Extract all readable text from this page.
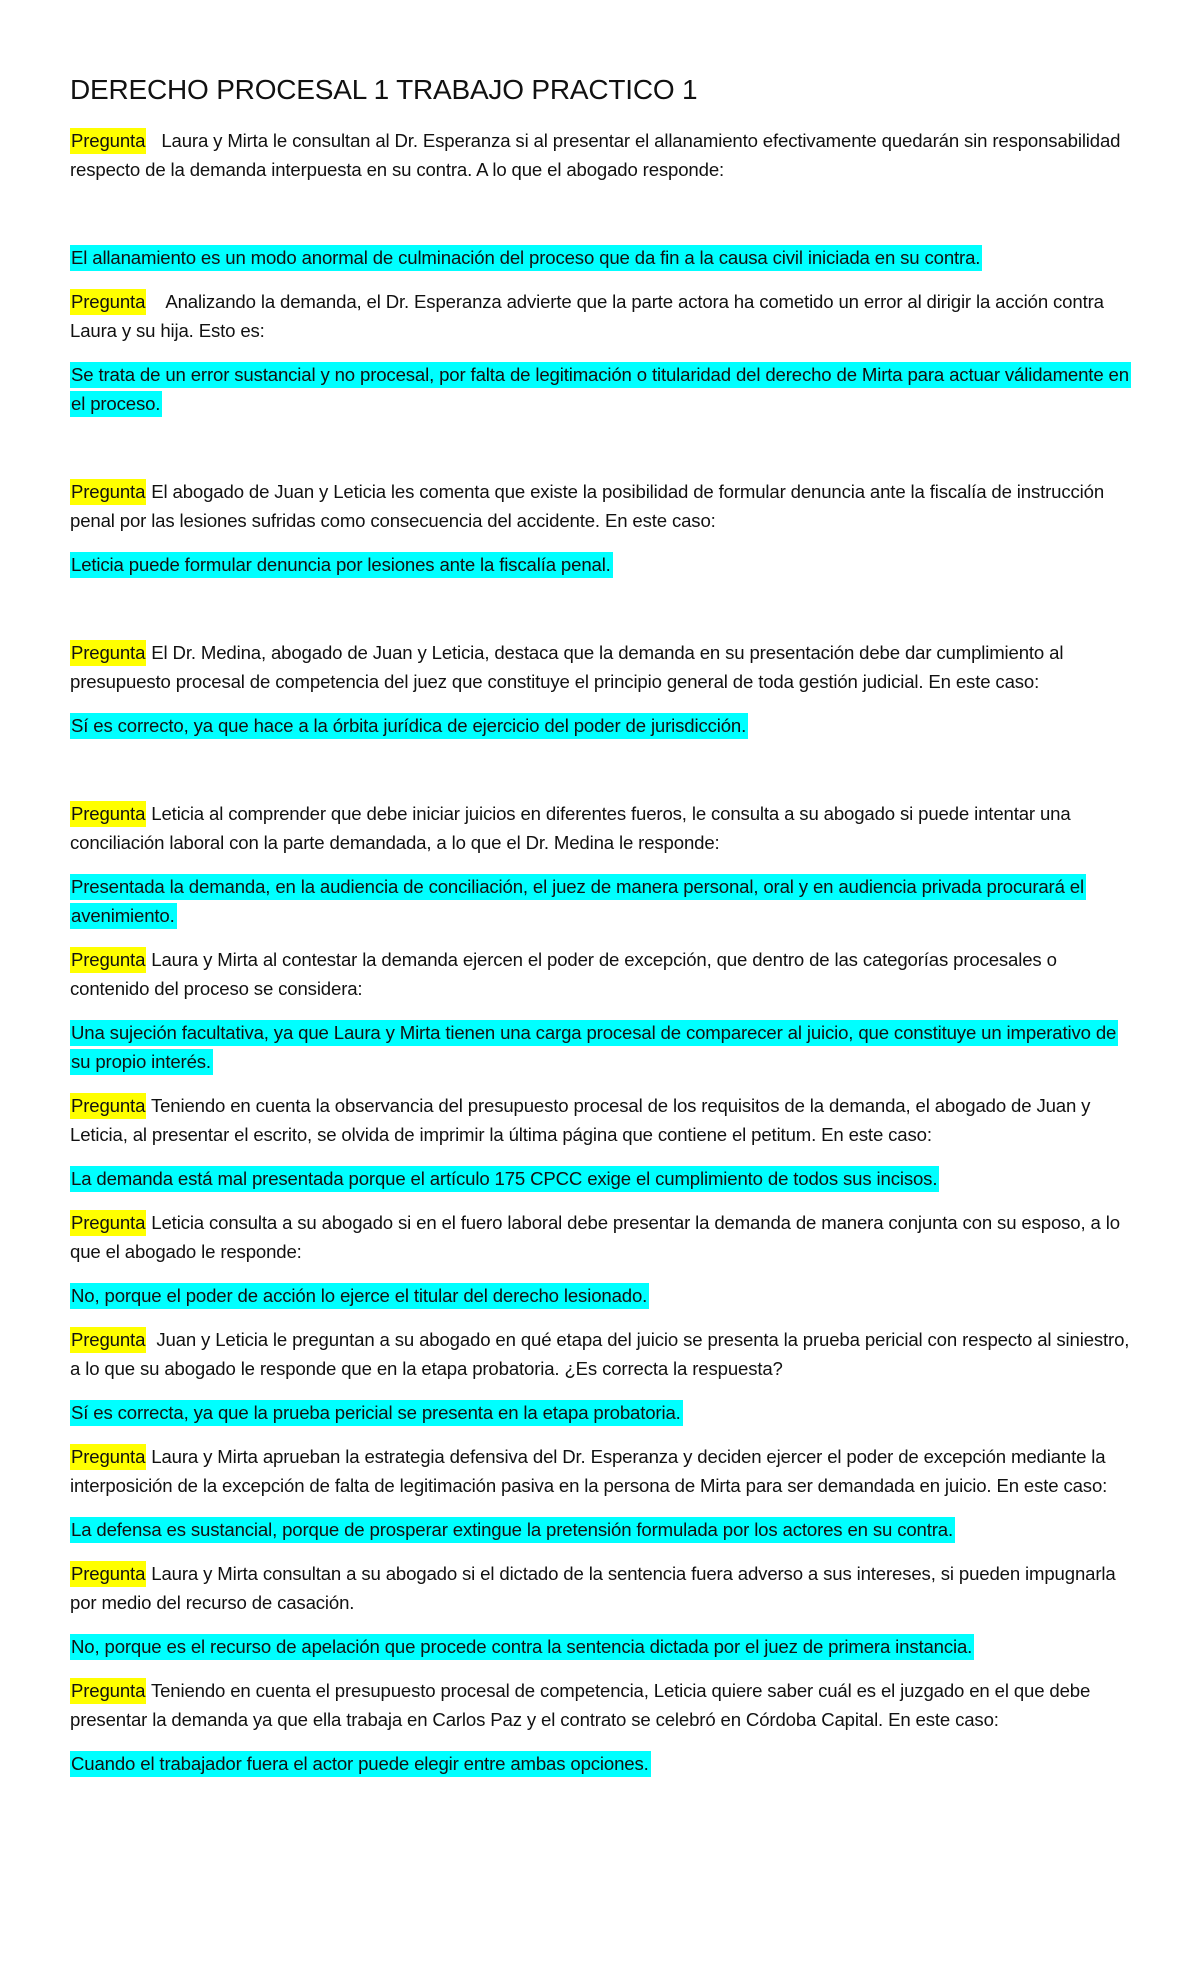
DERECHO PROCESAL 1 TRABAJO PRACTICO 1

Pregunta Laura y Mirta le consultan al Dr. Esperanza si al presentar el allanamiento efectivamente quedarán sin responsabilidad respecto de la demanda interpuesta en su contra. A lo que el abogado responde:

El allanamiento es un modo anormal de culminación del proceso que da fin a la causa civil iniciada en su contra.

Pregunta Analizando la demanda, el Dr. Esperanza advierte que la parte actora ha cometido un error al dirigir la acción contra Laura y su hija. Esto es:

Se trata de un error sustancial y no procesal, por falta de legitimación o titularidad del derecho de Mirta para actuar válidamente en el proceso.

Pregunta El abogado de Juan y Leticia les comenta que existe la posibilidad de formular denuncia ante la fiscalía de instrucción penal por las lesiones sufridas como consecuencia del accidente. En este caso:

Leticia puede formular denuncia por lesiones ante la fiscalía penal.

Pregunta El Dr. Medina, abogado de Juan y Leticia, destaca que la demanda en su presentación debe dar cumplimiento al presupuesto procesal de competencia del juez que constituye el principio general de toda gestión judicial. En este caso:

Sí es correcto, ya que hace a la órbita jurídica de ejercicio del poder de jurisdicción.

Pregunta Leticia al comprender que debe iniciar juicios en diferentes fueros, le consulta a su abogado si puede intentar una conciliación laboral con la parte demandada, a lo que el Dr. Medina le responde:

Presentada la demanda, en la audiencia de conciliación, el juez de manera personal, oral y en audiencia privada procurará el avenimiento.

Pregunta Laura y Mirta al contestar la demanda ejercen el poder de excepción, que dentro de las categorías procesales o contenido del proceso se considera:

Una sujeción facultativa, ya que Laura y Mirta tienen una carga procesal de comparecer al juicio, que constituye un imperativo de su propio interés.

Pregunta Teniendo en cuenta la observancia del presupuesto procesal de los requisitos de la demanda, el abogado de Juan y Leticia, al presentar el escrito, se olvida de imprimir la última página que contiene el petitum. En este caso:

La demanda está mal presentada porque el artículo 175 CPCC exige el cumplimiento de todos sus incisos.

Pregunta Leticia consulta a su abogado si en el fuero laboral debe presentar la demanda de manera conjunta con su esposo, a lo que el abogado le responde:

No, porque el poder de acción lo ejerce el titular del derecho lesionado.

Pregunta Juan y Leticia le preguntan a su abogado en qué etapa del juicio se presenta la prueba pericial con respecto al siniestro, a lo que su abogado le responde que en la etapa probatoria. ¿Es correcta la respuesta?

Sí es correcta, ya que la prueba pericial se presenta en la etapa probatoria.

Pregunta Laura y Mirta aprueban la estrategia defensiva del Dr. Esperanza y deciden ejercer el poder de excepción mediante la interposición de la excepción de falta de legitimación pasiva en la persona de Mirta para ser demandada en juicio. En este caso:

La defensa es sustancial, porque de prosperar extingue la pretensión formulada por los actores en su contra.

Pregunta Laura y Mirta consultan a su abogado si el dictado de la sentencia fuera adverso a sus intereses, si pueden impugnarla por medio del recurso de casación.

No, porque es el recurso de apelación que procede contra la sentencia dictada por el juez de primera instancia.

Pregunta Teniendo en cuenta el presupuesto procesal de competencia, Leticia quiere saber cuál es el juzgado en el que debe presentar la demanda ya que ella trabaja en Carlos Paz y el contrato se celebró en Córdoba Capital. En este caso:

Cuando el trabajador fuera el actor puede elegir entre ambas opciones.
